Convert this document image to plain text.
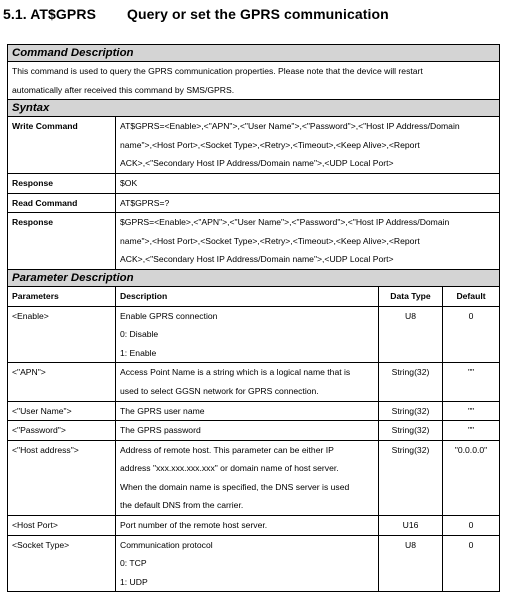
5.1. AT$GPRS Query or set the GPRS communication
Command Description			

This command is used to query the GPRS communication properties. Please note that the device will restart
automatically after received this command by SMS/GPRS.			

Syntax			
Write Command	AT$GPRS=<Enable>,<"APN">,<"User Name">,<"Password">,<"Host IP Address/Domain
name">,<Host Port>,<Socket Type>,<Retry>,<Timeout>,<Keep Alive>,<Report
ACK>,<"Secondary Host IP Address/Domain name">,<UDP Local Port>		

Response	$OK		
Read Command	AT$GPRS=?		
Response	$GPRS=<Enable>,<"APN">,<"User Name">,<"Password">,<"Host IP Address/Domain
name">,<Host Port>,<Socket Type>,<Retry>,<Timeout>,<Keep Alive>,<Report
ACK>,<"Secondary Host IP Address/Domain name">,<UDP Local Port>		

Parameter Description			
Parameters	Description	Data Type	Default
<Enable>	Enable GPRS connection
0: Disable
1: Enable	U8	0
<"APN">	Access Point Name is a string which is a logical name that is
used to select GGSN network for GPRS connection.	String(32)	""
<"User Name">	The GPRS user name	String(32)	""
<"Password">	The GPRS password	String(32)	""
<"Host address">	Address of remote host. This parameter can be either IP
address "xxx.xxx.xxx.xxx" or domain name of host server.
When the domain name is specified, the DNS server is used
the default DNS from the carrier.	String(32)	"0.0.0.0"
<Host Port>	Port number of the remote host server.	U16	0
<Socket Type>	Communication protocol
0: TCP
1: UDP	U8	0
